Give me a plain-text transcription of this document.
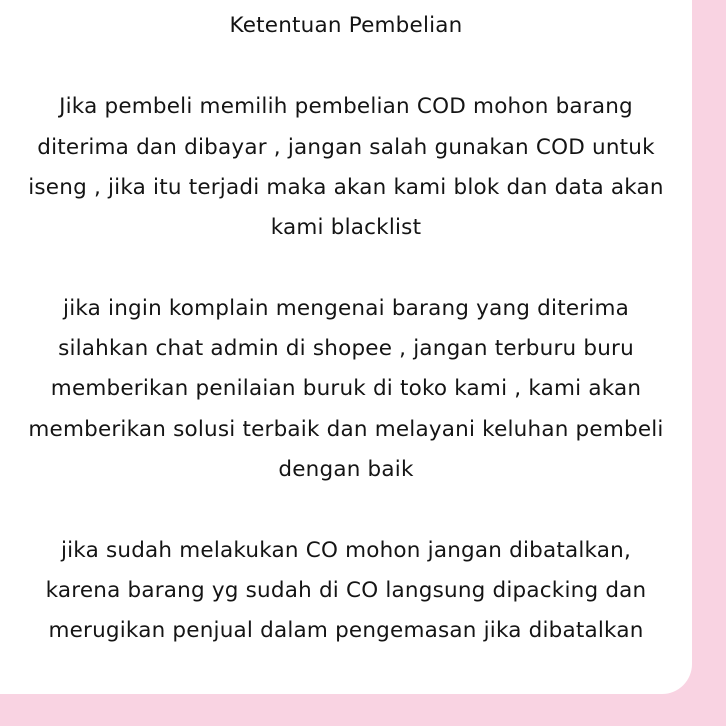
Ketentuan Pembelian
Jika pembeli memilih pembelian COD mohon barang
diterima dan dibayar , jangan salah gunakan COD untuk
iseng , jika itu terjadi maka akan kami blok dan data akan
kami blacklist
jika ingin komplain mengenai barang yang diterima
silahkan chat admin di shopee , jangan terburu buru
memberikan penilaian buruk di toko kami , kami akan
memberikan solusi terbaik dan melayani keluhan pembeli
dengan baik
jika sudah melakukan CO mohon jangan dibatalkan,
karena barang yg sudah di CO langsung dipacking dan
merugikan penjual dalam pengemasan jika dibatalkan
